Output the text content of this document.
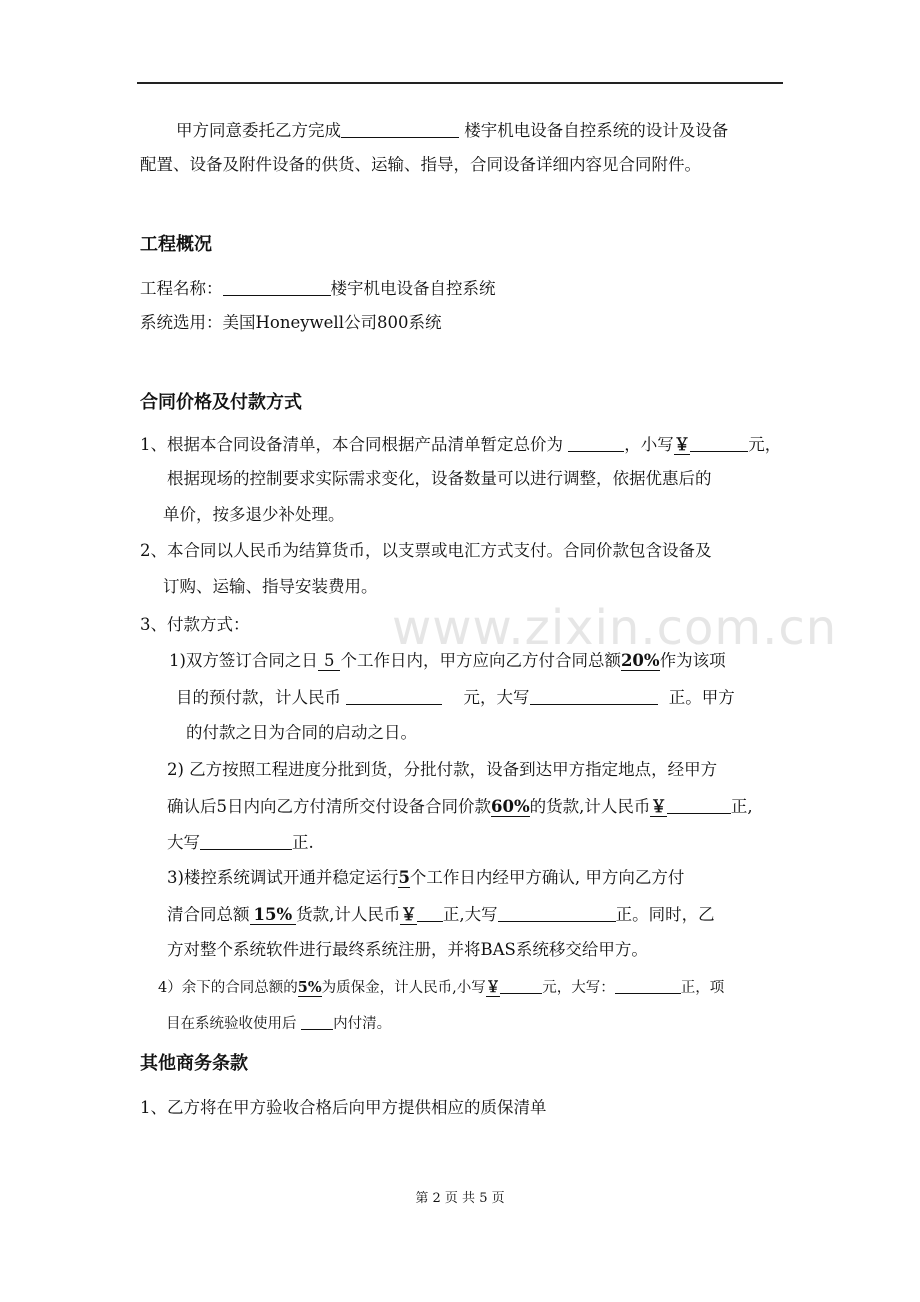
www.zixin.com.cn
甲方同意委托乙方完成	楼宇机电设备自控系统的设计及设备
配置、设备及附件设备的供货、运输、指导，合同设备详细内容见合同附件。
工程概况
工程名称：	楼宇机电设备自控系统
系统选用：美国Honeywell公司800系统
合同价格及付款方式
1、根据本合同设备清单，本合同根据产品清单暂定总价为	，小写￥	元，
根据现场的控制要求实际需求变化，设备数量可以进行调整，依据优惠后的
单价，按多退少补处理。
2、本合同以人民币为结算货币，以支票或电汇方式支付。合同价款包含设备及
订购、运输、指导安装费用。
3、付款方式：
1)双方签订合同之日 5 个工作日内，甲方应向乙方付合同总额20%作为该项
目的预付款，计人民币	元，大写	正。甲方
的付款之日为合同的启动之日。
2) 乙方按照工程进度分批到货，分批付款，设备到达甲方指定地点，经甲方
确认后5日内向乙方付清所交付设备合同价款60%的货款,计人民币￥	正,
大写	正.
3)楼控系统调试开通并稳定运行5个工作日内经甲方确认, 甲方向乙方付
清合同总额 15% 货款,计人民币￥ 正,大写	正。同时，乙
方对整个系统软件进行最终系统注册，并将BAS系统移交给甲方。
4）余下的合同总额的5%为质保金，计人民币,小写￥	元，大写：	正，项
目在系统验收使用后	内付清。
其他商务条款
1、乙方将在甲方验收合格后向甲方提供相应的质保清单
第 2 页 共 5 页
